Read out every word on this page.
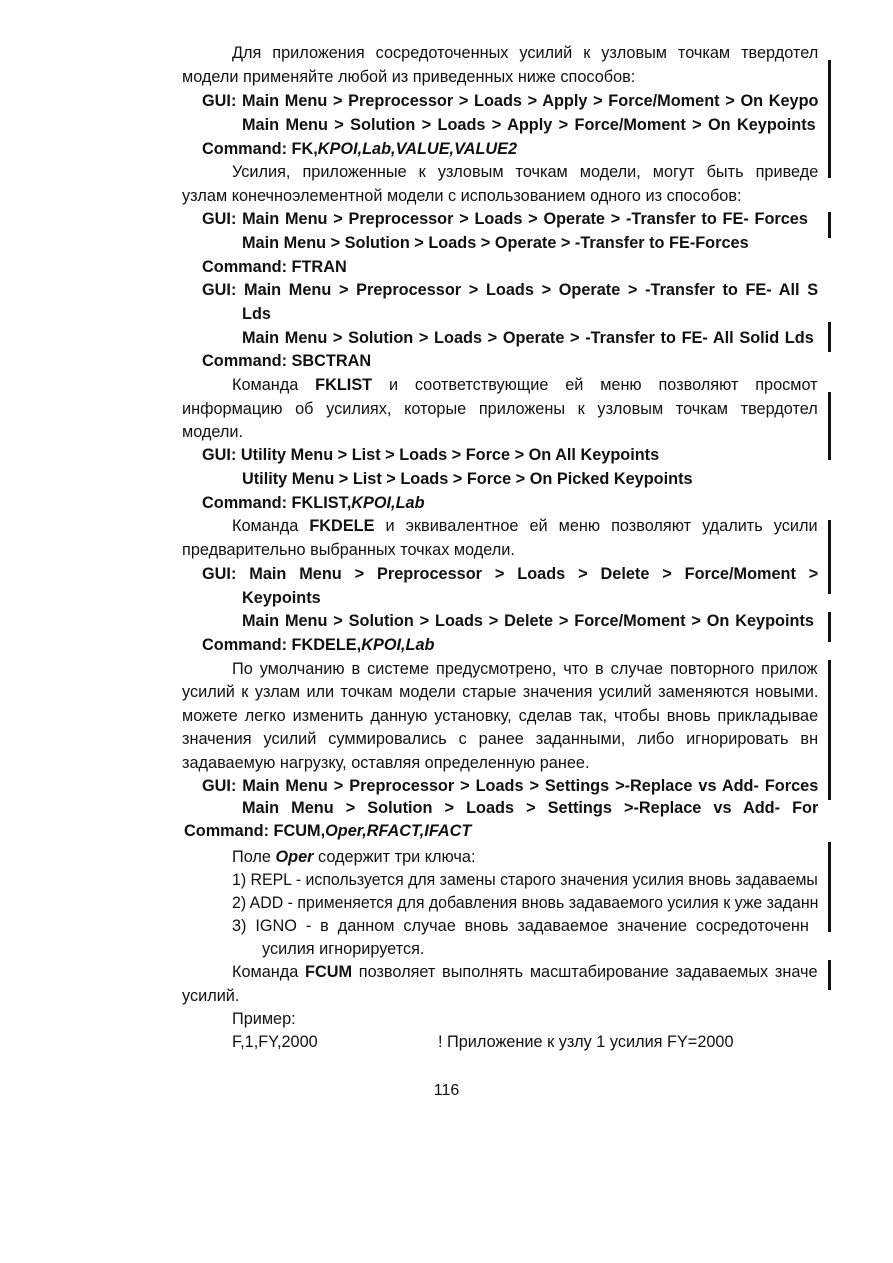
116
Для приложения сосредоточенных усилий к узловым точкам твердотел
модели применяйте любой из приведенных ниже способов:
GUI: Main Menu > Preprocessor > Loads > Apply > Force/Moment > On Keypo
Main Menu > Solution > Loads > Apply > Force/Moment > On Keypoints
Command: FK,KPOI,Lab,VALUE,VALUE2
Усилия, приложенные к узловым точкам модели, могут быть приведе
узлам конечноэлементной модели с использованием одного из способов:
GUI: Main Menu > Preprocessor > Loads > Operate > -Transfer to FE- Forces
Main Menu > Solution > Loads > Operate > -Transfer to FE-Forces
Command: FTRAN
GUI: Main Menu > Preprocessor > Loads > Operate > -Transfer to FE- All S
Lds
Main Menu > Solution > Loads > Operate > -Transfer to FE- All Solid Lds
Command: SBCTRAN
Команда FKLIST и соответствующие ей меню позволяют просмот
информацию об усилиях, которые приложены к узловым точкам твердотел
модели.
GUI: Utility Menu > List > Loads > Force > On All Keypoints
Utility Menu > List > Loads > Force > On Picked Keypoints
Command: FKLIST,KPOI,Lab
Команда FKDELE и эквивалентное ей меню позволяют удалить усили
предварительно выбранных точках модели.
GUI: Main Menu > Preprocessor > Loads > Delete > Force/Moment >
Keypoints
Main Menu > Solution > Loads > Delete > Force/Moment > On Keypoints
Command: FKDELE,KPOI,Lab
По умолчанию в системе предусмотрено, что в случае повторного прилож
усилий к узлам или точкам модели старые значения усилий заменяются новыми.
можете легко изменить данную установку, сделав так, чтобы вновь прикладывае
значения усилий суммировались с ранее заданными, либо игнорировать вн
задаваемую нагрузку, оставляя определенную ранее.
GUI: Main Menu > Preprocessor > Loads > Settings >-Replace vs Add- Forces
Main Menu > Solution > Loads > Settings >-Replace vs Add- For
Command: FCUM,Oper,RFACT,IFACT
Поле Oper содержит три ключа:
1) REPL - используется для замены старого значения усилия вновь задаваемы
2) ADD - применяется для добавления вновь задаваемого усилия к уже заданн
3) IGNO - в данном случае вновь задаваемое значение сосредоточенн
усилия игнорируется.
Команда FCUM позволяет выполнять масштабирование задаваемых значе
усилий.
Пример:
F,1,FY,2000	! Приложение к узлу 1 усилия FY=2000
